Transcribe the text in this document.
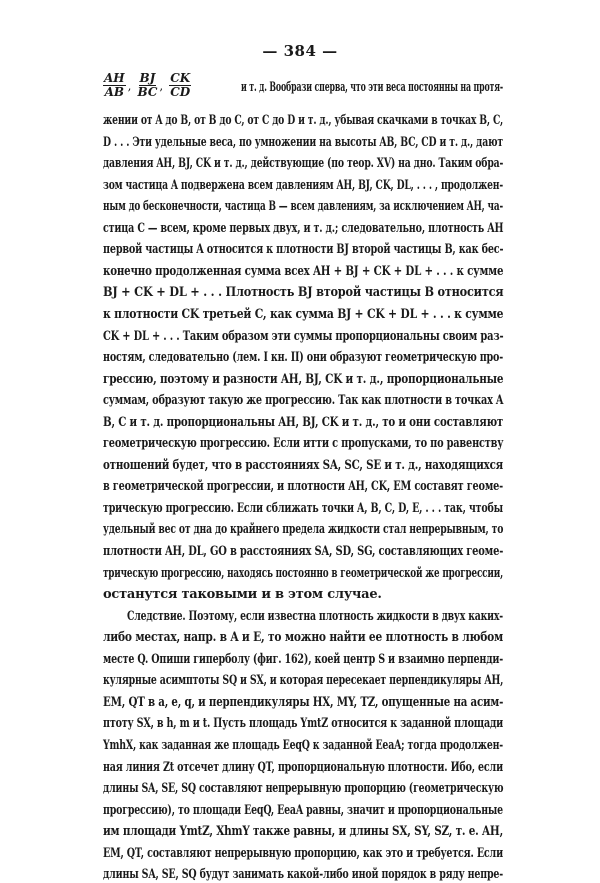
— 384 —
$\frac{AH}{AB}$ , $\frac{BJ}{BC}$ , $\frac{CK}{CD}$	и т. д. Вообрази сперва, что эти веса постоянны на протя-
жении от A до B, от B до C, от C до D и т. д., убывая скачками в точках B, C,
D . . . Эти удельные веса, по умножении на высоты AB, BC, CD и т. д., дают
давления AH, BJ, CK и т. д., действующие (по теор. XV) на дно. Таким обра-
зом частица A подвержена всем давлениям AH, BJ, CK, DL, . . . , продолжен-
ным до бесконечности, частица B — всем давлениям, за исключением AH, ча-
стица C — всем, кроме первых двух, и т. д.; следовательно, плотность AH
первой частицы A относится к плотности BJ второй частицы B, как бес-
конечно продолженная сумма всех AH + BJ + CK + DL + . . . к сумме
BJ + CK + DL + . . . Плотность BJ второй частицы B относится
к плотности CK третьей C, как сумма BJ + CK + DL + . . . к сумме
CK + DL + . . . Таким образом эти суммы пропорциональны своим раз-
ностям, следовательно (лем. I кн. II) они образуют геометрическую про-
грессию, поэтому и разности AH, BJ, CK и т. д., пропорциональные
суммам, образуют такую же прогрессию. Так как плотности в точках A
B, C и т. д. пропорциональны AH, BJ, CK и т. д., то и они составляют
геометрическую прогрессию. Если итти с пропусками, то по равенству
отношений будет, что в расстояниях SA, SC, SE и т. д., находящихся
в геометрической прогрессии, и плотности AH, CK, EM составят геоме-
трическую прогрессию. Если сближать точки A, B, C, D, E, . . . так, чтобы
удельный вес от дна до крайнего предела жидкости стал непрерывным, то
плотности AH, DL, GO в расстояниях SA, SD, SG, составляющих геоме-
трическую прогрессию, находясь постоянно в геометрической же прогрессии,
останутся таковыми и в этом случае.
Следствие. Поэтому, если известна плотность жидкости в двух каких-
либо местах, напр. в A и E, то можно найти ее плотность в любом
месте Q. Опиши гиперболу (фиг. 162), коей центр S и взаимно перпенди-
кулярные асимптоты SQ и SX, и которая пересекает перпендикуляры AH,
EM, QT в a, e, q, и перпендикуляры HX, MY, TZ, опущенные на асим-
птоту SX, в h, m и t. Пусть площадь YmtZ относится к заданной площади
YmhX, как заданная же площадь EeqQ к заданной EeaA; тогда продолжен-
ная линия Zt отсечет длину QT, пропорциональную плотности. Ибо, если
длины SA, SE, SQ составляют непрерывную пропорцию (геометрическую
прогрессию), то площади EeqQ, EeaA равны, значит и пропорциональные
им площади YmtZ, XhmY также равны, и длины SX, SY, SZ, т. е. AH,
EM, QT, составляют непрерывную пропорцию, как это и требуется. Если
длины SA, SE, SQ будут занимать какой-либо иной порядок в ряду непре-
